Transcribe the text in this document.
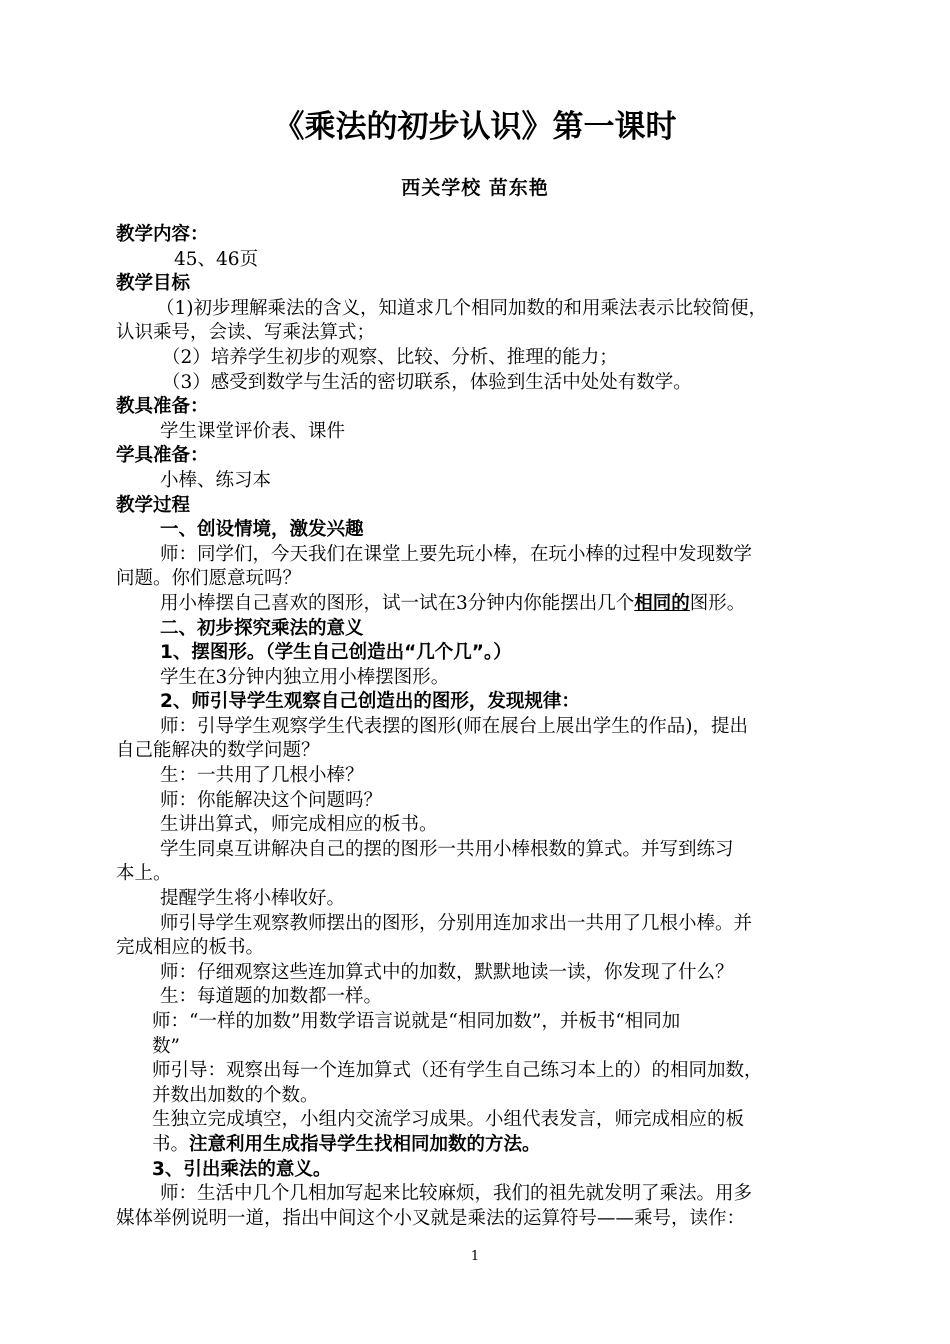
《乘法的初步认识》第一课时
西关学校 苗东艳
教学内容：
45、46页
教学目标
（1)初步理解乘法的含义，知道求几个相同加数的和用乘法表示比较简便，
认识乘号，会读、写乘法算式；
（2）培养学生初步的观察、比较、分析、推理的能力；
（3）感受到数学与生活的密切联系，体验到生活中处处有数学。
教具准备：
学生课堂评价表、课件
学具准备：
小棒、练习本
教学过程
一、创设情境，激发兴趣
师：同学们，今天我们在课堂上要先玩小棒，在玩小棒的过程中发现数学
问题。你们愿意玩吗？
用小棒摆自己喜欢的图形，试一试在3分钟内你能摆出几个相同的图形。
二、初步探究乘法的意义
1、摆图形。（学生自己创造出“几个几”。）
学生在3分钟内独立用小棒摆图形。
2、师引导学生观察自己创造出的图形，发现规律：
师：引导学生观察学生代表摆的图形(师在展台上展出学生的作品)，提出
自己能解决的数学问题？
生：一共用了几根小棒？
师：你能解决这个问题吗？
生讲出算式，师完成相应的板书。
学生同桌互讲解决自己的摆的图形一共用小棒根数的算式。并写到练习
本上。
提醒学生将小棒收好。
师引导学生观察教师摆出的图形，分别用连加求出一共用了几根小棒。并
完成相应的板书。
师：仔细观察这些连加算式中的加数，默默地读一读，你发现了什么？
生：每道题的加数都一样。
师：“一样的加数”用数学语言说就是“相同加数”，并板书“相同加
数”
师引导：观察出每一个连加算式（还有学生自己练习本上的）的相同加数，
并数出加数的个数。
生独立完成填空，小组内交流学习成果。小组代表发言，师完成相应的板
书。注意利用生成指导学生找相同加数的方法。
3、引出乘法的意义。
师：生活中几个几相加写起来比较麻烦，我们的祖先就发明了乘法。用多
媒体举例说明一道，指出中间这个小叉就是乘法的运算符号——乘号，读作：
1
